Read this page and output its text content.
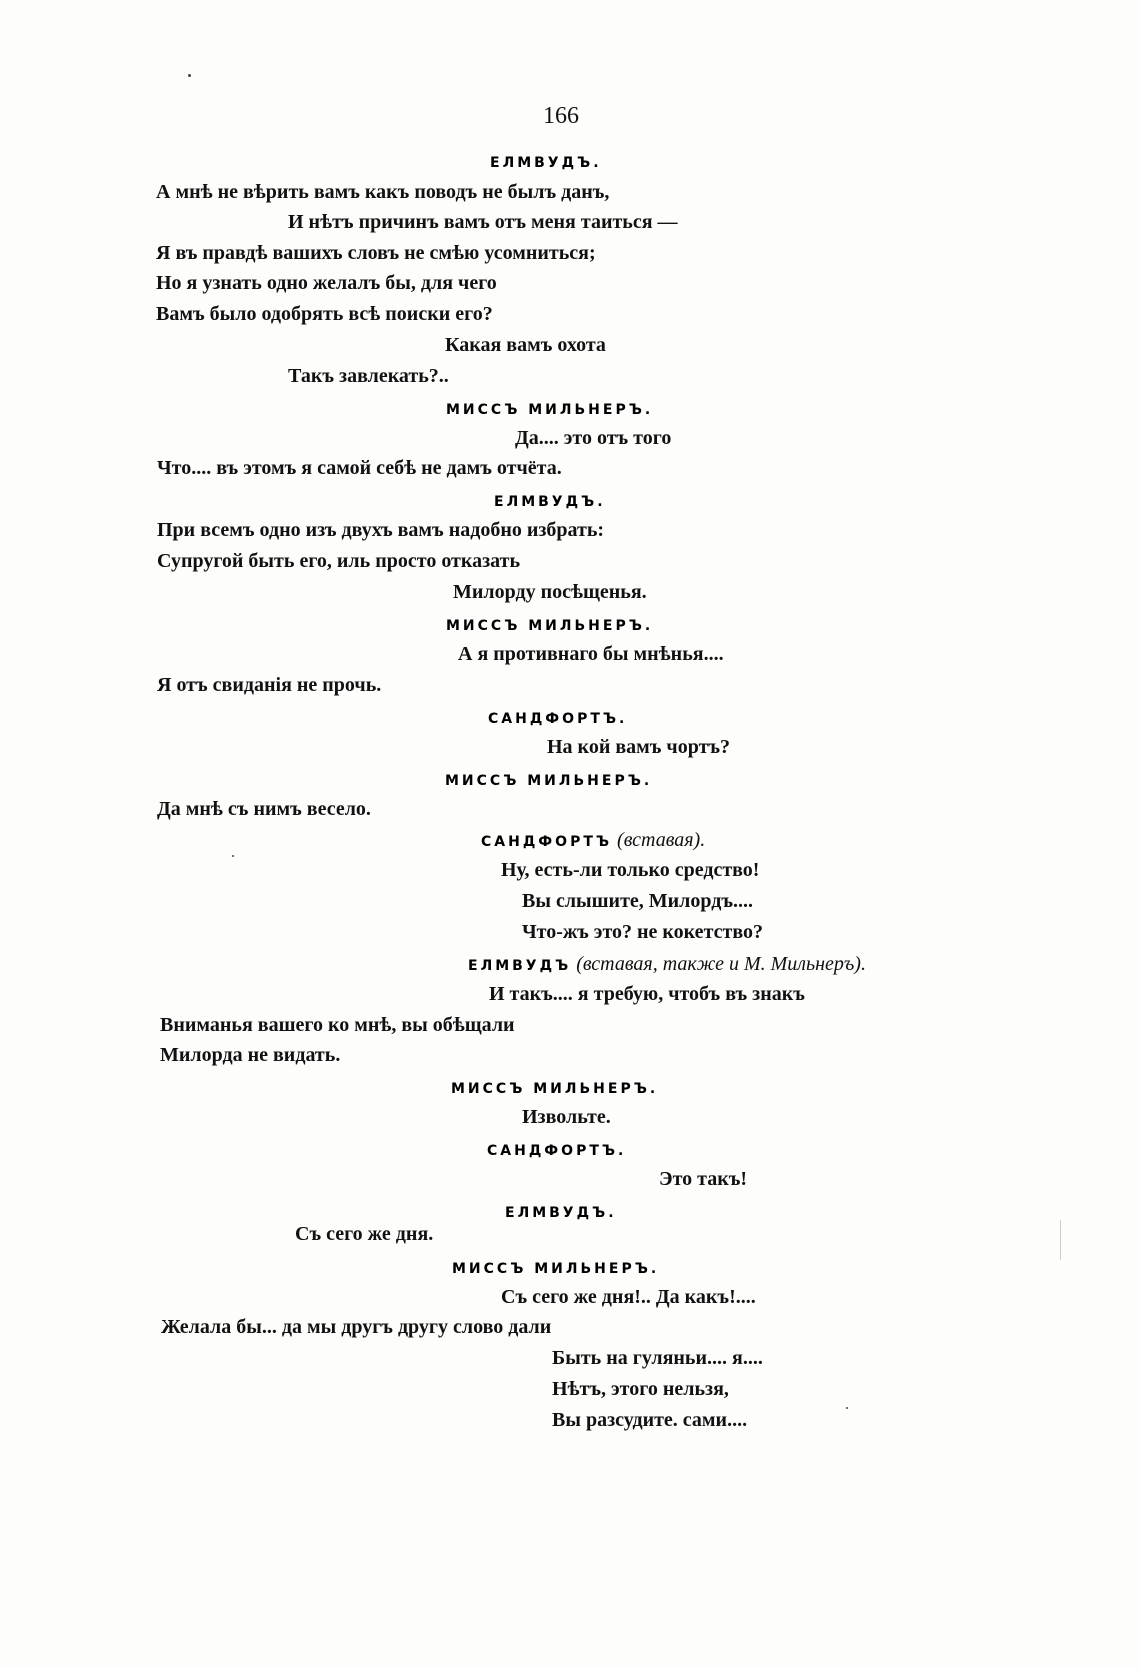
166
ЕЛМВУДЪ.
А мнѣ не вѣрить вамъ какъ поводъ не былъ данъ,
И нѣтъ причинъ вамъ отъ меня таиться —
Я въ правдѣ вашихъ словъ не смѣю усомниться;
Но я узнать одно желалъ бы, для чего
Вамъ было одобрять всѣ поиски его?
Какая вамъ охота
Такъ завлекать?..
МИССЪ МИЛЬНЕРЪ.
Да.... это отъ того
Что.... въ этомъ я самой себѣ не дамъ отчёта.
ЕЛМВУДЪ.
При всемъ одно изъ двухъ вамъ надобно избрать:
Супругой быть его, иль просто отказать
Милорду посѣщенья.
МИССЪ МИЛЬНЕРЪ.
А я противнаго бы мнѣнья....
Я отъ свиданія не прочь.
САНДФОРТЪ.
На кой вамъ чортъ?
МИССЪ МИЛЬНЕРЪ.
Да мнѣ съ нимъ весело.
САНДФОРТЪ (вставая).
Ну, есть-ли только средство!
Вы слышите, Милордъ....
Что-жъ это? не кокетство?
ЕЛМВУДЪ (вставая, также и М. Мильнеръ).
И такъ.... я требую, чтобъ въ знакъ
Вниманья вашего ко мнѣ, вы обѣщали
Милорда не видать.
МИССЪ МИЛЬНЕРЪ.
Извольте.
САНДФОРТЪ.
Это такъ!
ЕЛМВУДЪ.
Съ сего же дня.
МИССЪ МИЛЬНЕРЪ.
Съ сего же дня!.. Да какъ!....
Желала бы... да мы другъ другу слово дали
Быть на гуляньи.... я....
Нѣтъ, этого нельзя,
Вы разсудите. сами....
